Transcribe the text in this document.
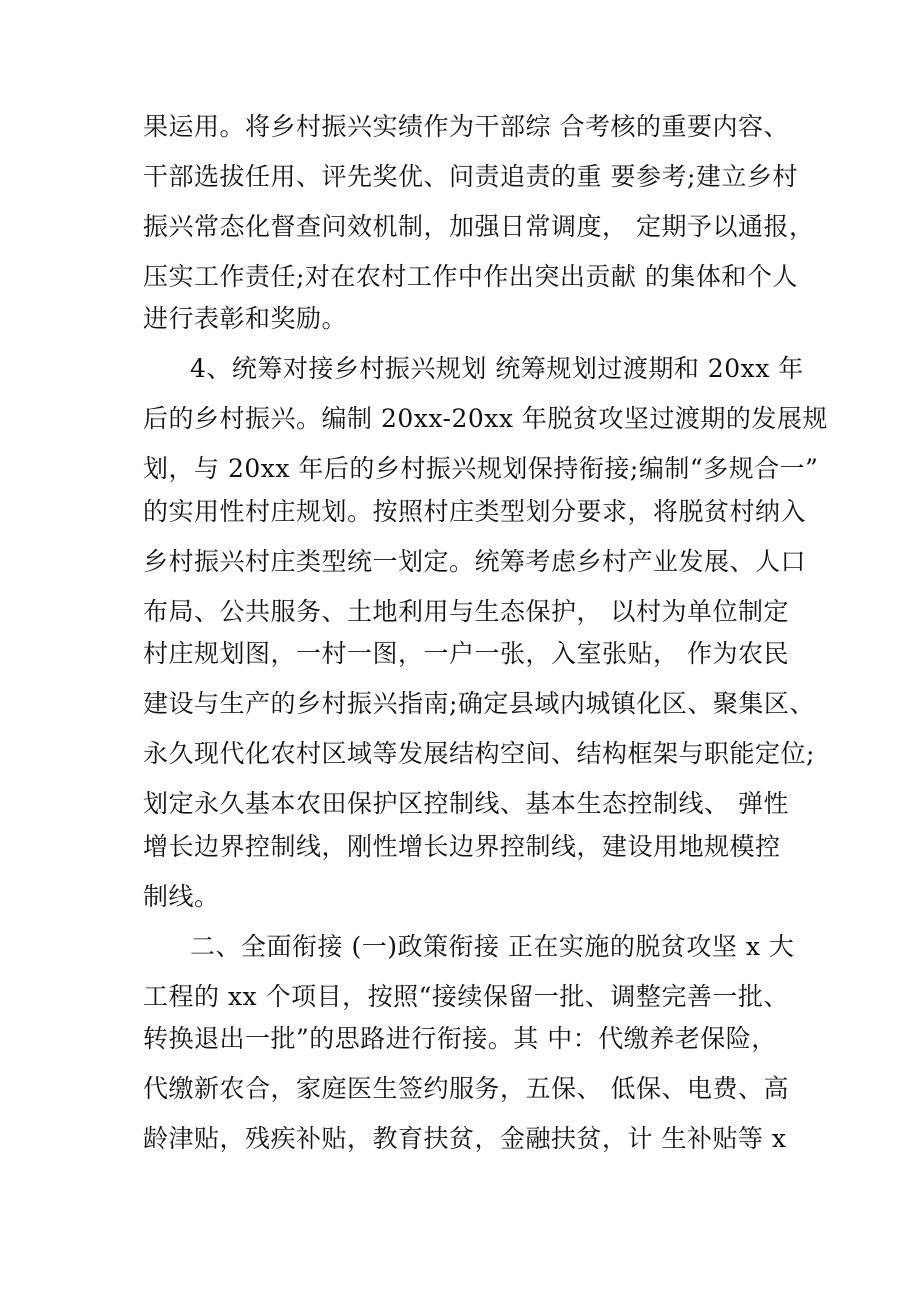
果运用。将乡村振兴实绩作为干部综 合考核的重要内容、
干部选拔任用、评先奖优、问责追责的重 要参考;建立乡村
振兴常态化督查问效机制，加强日常调度， 定期予以通报，
压实工作责任;对在农村工作中作出突出贡献 的集体和个人
进行表彰和奖励。
4、统筹对接乡村振兴规划 统筹规划过渡期和 20xx 年
后的乡村振兴。编制 20xx-20xx 年脱贫攻坚过渡期的发展规
划，与 20xx 年后的乡村振兴规划保持衔接;编制“多规合一”
的实用性村庄规划。按照村庄类型划分要求，将脱贫村纳入
乡村振兴村庄类型统一划定。统筹考虑乡村产业发展、人口
布局、公共服务、土地利用与生态保护， 以村为单位制定
村庄规划图，一村一图，一户一张，入室张贴， 作为农民
建设与生产的乡村振兴指南;确定县域内城镇化区、聚集区、
永久现代化农村区域等发展结构空间、结构框架与职能定位;
划定永久基本农田保护区控制线、基本生态控制线、 弹性
增长边界控制线，刚性增长边界控制线，建设用地规模控
制线。
二、全面衔接 (一)政策衔接 正在实施的脱贫攻坚 x 大
工程的 xx 个项目，按照“接续保留一批、调整完善一批、
转换退出一批”的思路进行衔接。其 中：代缴养老保险，
代缴新农合，家庭医生签约服务，五保、 低保、电费、高
龄津贴，残疾补贴，教育扶贫，金融扶贫，计 生补贴等 x
